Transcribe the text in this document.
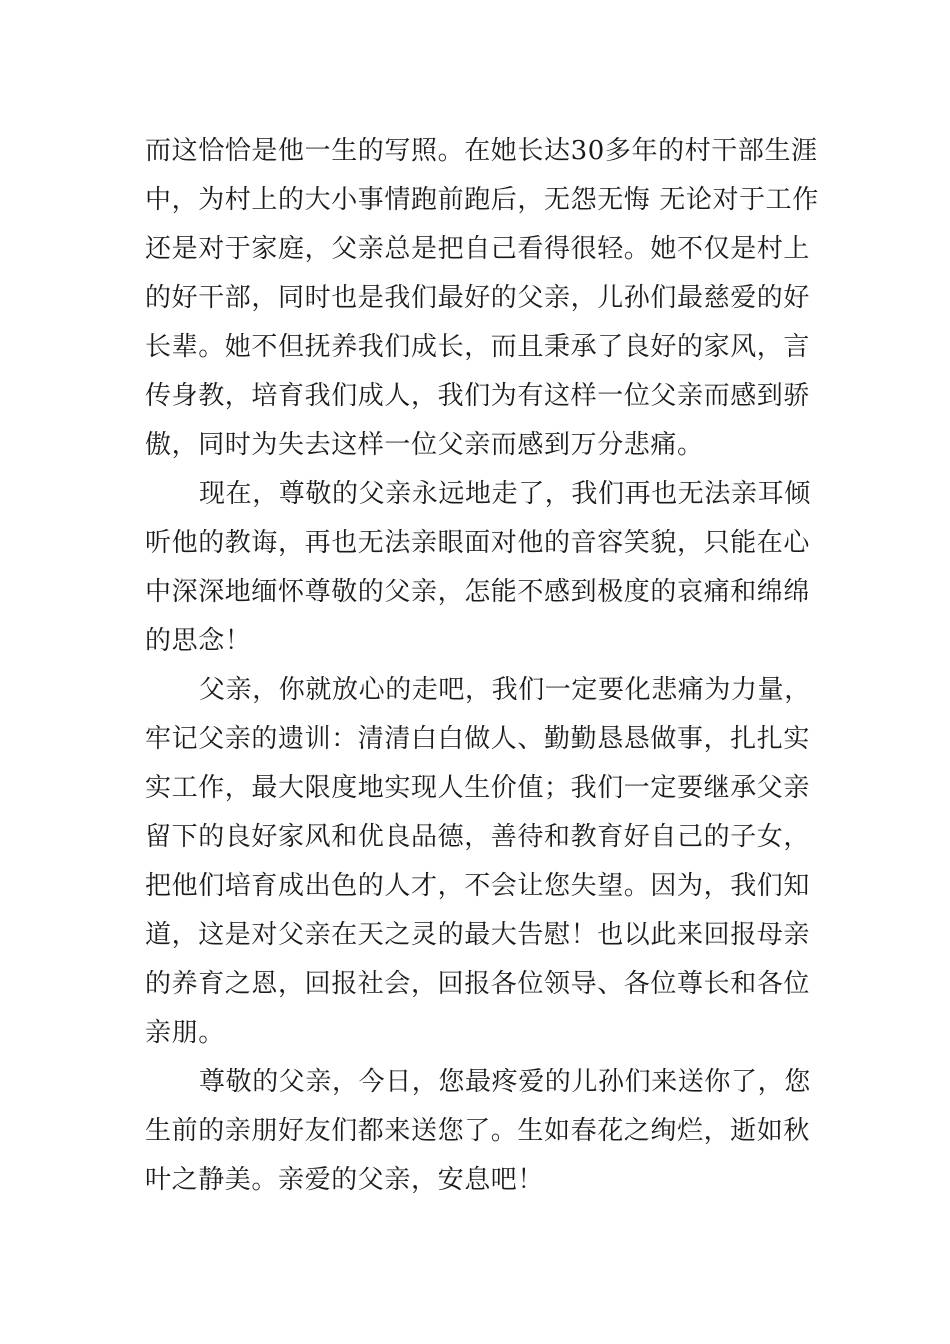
而这恰恰是他一生的写照。在她长达30多年的村干部生涯
中，为村上的大小事情跑前跑后，无怨无悔 无论对于工作
还是对于家庭，父亲总是把自己看得很轻。她不仅是村上
的好干部，同时也是我们最好的父亲，儿孙们最慈爱的好
长辈。她不但抚养我们成长，而且秉承了良好的家风，言
传身教，培育我们成人，我们为有这样一位父亲而感到骄
傲，同时为失去这样一位父亲而感到万分悲痛。

现在，尊敬的父亲永远地走了，我们再也无法亲耳倾
听他的教诲，再也无法亲眼面对他的音容笑貌，只能在心
中深深地缅怀尊敬的父亲，怎能不感到极度的哀痛和绵绵
的思念！

父亲，你就放心的走吧，我们一定要化悲痛为力量，
牢记父亲的遗训：清清白白做人、勤勤恳恳做事，扎扎实
实工作，最大限度地实现人生价值；我们一定要继承父亲
留下的良好家风和优良品德，善待和教育好自己的子女，
把他们培育成出色的人才，不会让您失望。因为，我们知
道，这是对父亲在天之灵的最大告慰！也以此来回报母亲
的养育之恩，回报社会，回报各位领导、各位尊长和各位
亲朋。

尊敬的父亲，今日，您最疼爱的儿孙们来送你了，您
生前的亲朋好友们都来送您了。生如春花之绚烂，逝如秋
叶之静美。亲爱的父亲，安息吧！
